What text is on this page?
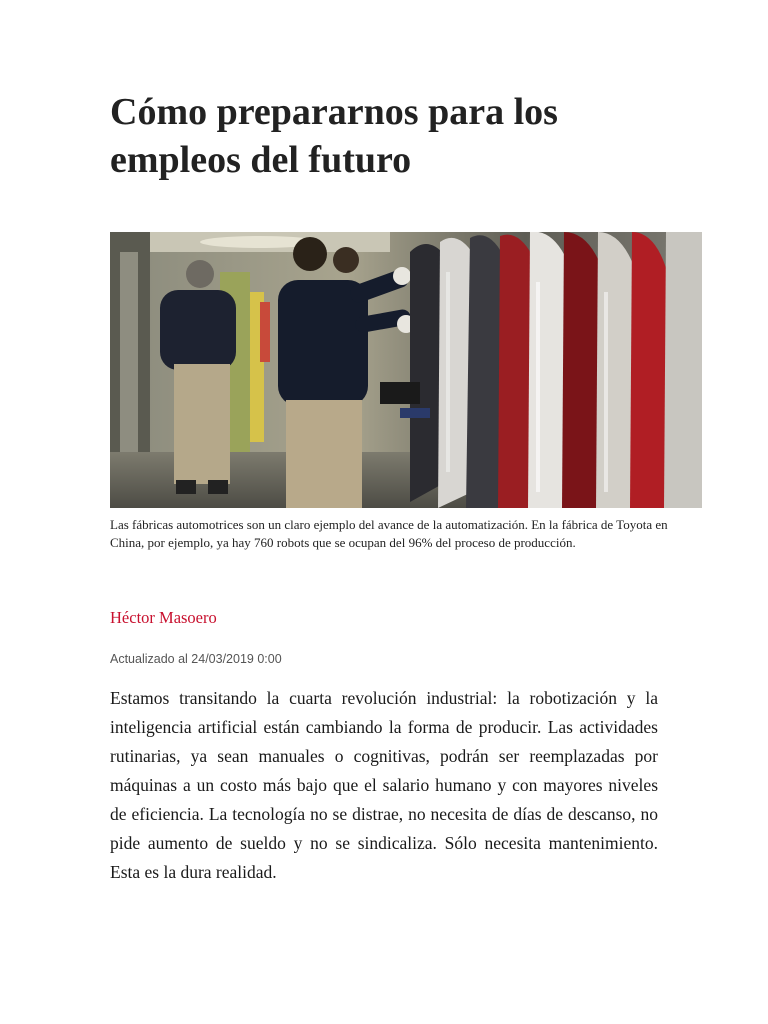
Cómo prepararnos para los empleos del futuro
Las fábricas automotrices son un claro ejemplo del avance de la automatización. En la fábrica de Toyota en China, por ejemplo, ya hay 760 robots que se ocupan del 96% del proceso de producción.
Héctor Masoero
Actualizado al 24/03/2019 0:00

Estamos transitando la cuarta revolución industrial: la robotización y la inteligencia artificial están cambiando la forma de producir. Las actividades rutinarias, ya sean manuales o cognitivas, podrán ser reemplazadas por máquinas a un costo más bajo que el salario humano y con mayores niveles de eficiencia. La tecnología no se distrae, no necesita de días de descanso, no pide aumento de sueldo y no se sindicaliza. Sólo necesita mantenimiento. Esta es la dura realidad.
